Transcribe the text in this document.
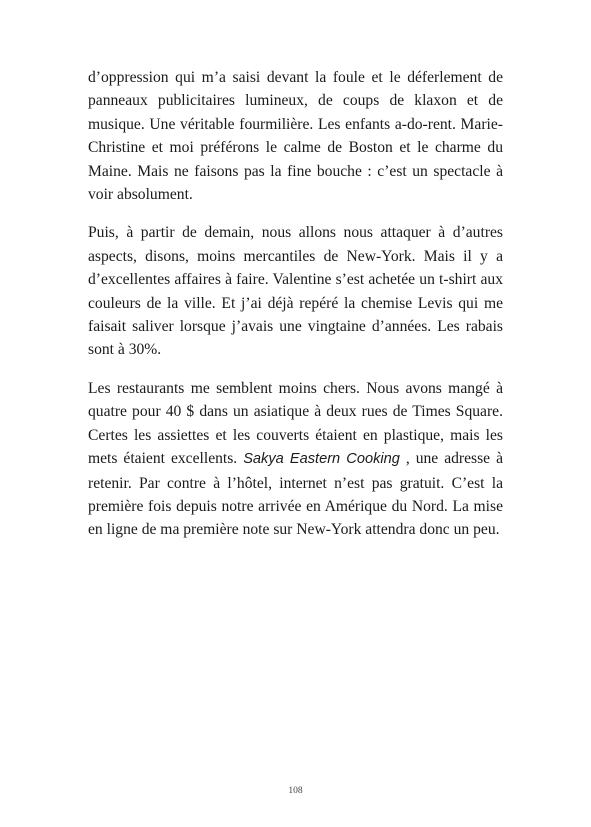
d’oppression qui m’a saisi devant la foule et le déferlement de panneaux publicitaires lumineux, de coups de klaxon et de musique. Une véritable fourmilière. Les enfants a-do-rent. Marie-Christine et moi préférons le calme de Boston et le charme du Maine. Mais ne faisons pas la fine bouche : c’est un spectacle à voir absolument.

Puis, à partir de demain, nous allons nous attaquer à d’autres aspects, disons, moins mercantiles de New-York. Mais il y a d’excellentes affaires à faire. Valentine s’est achetée un t-shirt aux couleurs de la ville. Et j’ai déjà repéré la chemise Levis qui me faisait saliver lorsque j’avais une vingtaine d’années. Les rabais sont à 30%.

Les restaurants me semblent moins chers. Nous avons mangé à quatre pour 40 $ dans un asiatique à deux rues de Times Square. Certes les assiettes et les couverts étaient en plastique, mais les mets étaient excellents. Sakya Eastern Cooking , une adresse à retenir. Par contre à l’hôtel, internet n’est pas gratuit. C’est la première fois depuis notre arrivée en Amérique du Nord. La mise en ligne de ma première note sur New-York attendra donc un peu.

108
